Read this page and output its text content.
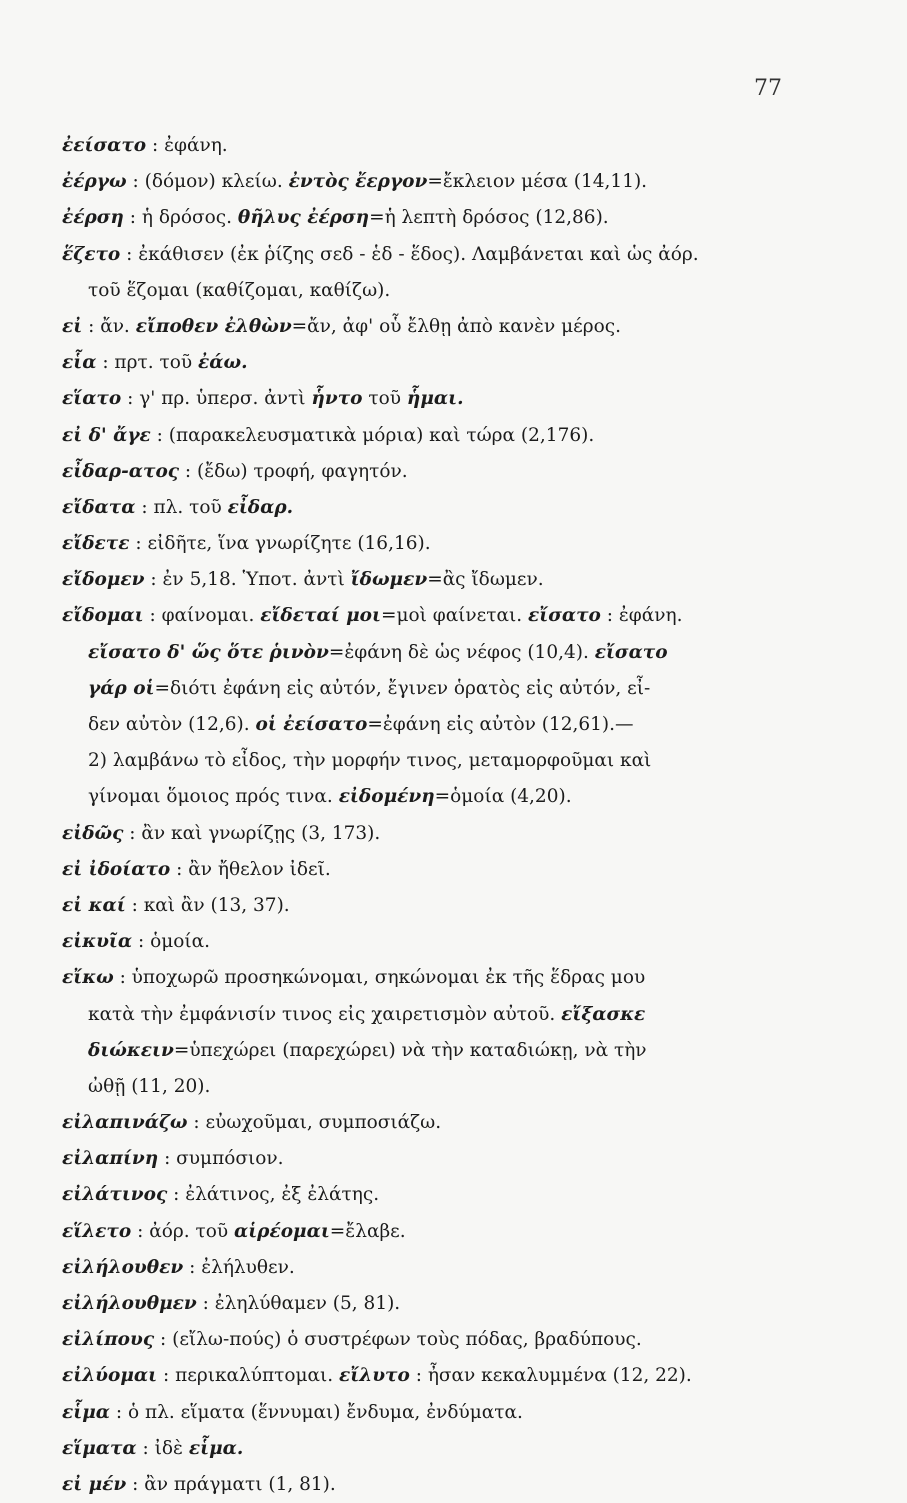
77
ἐείσατο : ἐφάνη.
ἐέργω : (δόμον) κλείω. ἐντὸς ἔεργον=ἔκλειον μέσα (14,11).
ἐέρση : ἡ δρόσος. θῆλυς ἐέρση=ἡ λεπτὴ δρόσος (12,86).
ἕζετο : ἐκάθισεν (ἐκ ῥίζης σεδ - ἑδ - ἕδος). Λαμβάνεται καὶ ὡς ἀόρ.
τοῦ ἕζομαι (καθίζομαι, καθίζω).
εἰ : ἄν. εἴποθεν ἐλθὼν=ἄν, ἀφ' οὗ ἔλθῃ ἀπὸ κανὲν μέρος.
εἷα : πρτ. τοῦ ἐάω.
εἵατο : γ' πρ. ὑπερσ. ἀντὶ ἧντο τοῦ ἧμαι.
εἰ δ' ἄγε : (παρακελευσματικὰ μόρια) καὶ τώρα (2,176).
εἶδαρ-ατος : (ἔδω) τροφή, φαγητόν.
εἴδατα : πλ. τοῦ εἶδαρ.
εἴδετε : εἰδῆτε, ἵνα γνωρίζητε (16,16).
εἴδομεν : ἐν 5,18. Ὑποτ. ἀντὶ ἴδωμεν=ἂς ἴδωμεν.
εἴδομαι : φαίνομαι. εἴδεταί μοι=μοὶ φαίνεται. εἴσατο : ἐφάνη.
εἴσατο δ' ὥς ὅτε ῥινὸν=ἐφάνη δὲ ὡς νέφος (10,4). εἴσατο
γάρ οἱ=διότι ἐφάνη εἰς αὐτόν, ἔγινεν ὁρατὸς εἰς αὐτόν, εἶ-
δεν αὐτὸν (12,6). οἱ ἐείσατο=ἐφάνη εἰς αὐτὸν (12,61).—
2) λαμβάνω τὸ εἶδος, τὴν μορφήν τινος, μεταμορφοῦμαι καὶ
γίνομαι ὅμοιος πρός τινα. εἰδομένη=ὁμοία (4,20).
εἰδῶς : ἂν καὶ γνωρίζῃς (3, 173).
εἰ ἰδοίατο : ἂν ἤθελον ἰδεῖ.
εἰ καί : καὶ ἂν (13, 37).
εἰκυῖα : ὁμοία.
εἴκω : ὑποχωρῶ προσηκώνομαι, σηκώνομαι ἐκ τῆς ἕδρας μου
κατὰ τὴν ἐμφάνισίν τινος εἰς χαιρετισμὸν αὐτοῦ. εἴξασκε
διώκειν=ὑπεχώρει (παρεχώρει) νὰ τὴν καταδιώκῃ, νὰ τὴν
ὠθῇ (11, 20).
εἰλαπινάζω : εὐωχοῦμαι, συμποσιάζω.
εἰλαπίνη : συμπόσιον.
εἰλάτινος : ἐλάτινος, ἐξ ἐλάτης.
εἵλετο : ἀόρ. τοῦ αἱρέομαι=ἔλαβε.
εἰλήλουθεν : ἐλήλυθεν.
εἰλήλουθμεν : ἐληλύθαμεν (5, 81).
εἰλίπους : (εἴλω-πούς) ὁ συστρέφων τοὺς πόδας, βραδύπους.
εἰλύομαι : περικαλύπτομαι. εἴλυτο : ἦσαν κεκαλυμμένα (12, 22).
εἷμα : ὁ πλ. εἵματα (ἕννυμαι) ἔνδυμα, ἐνδύματα.
εἵματα : ἰδὲ εἷμα.
εἰ μέν : ἂν πράγματι (1, 81).
